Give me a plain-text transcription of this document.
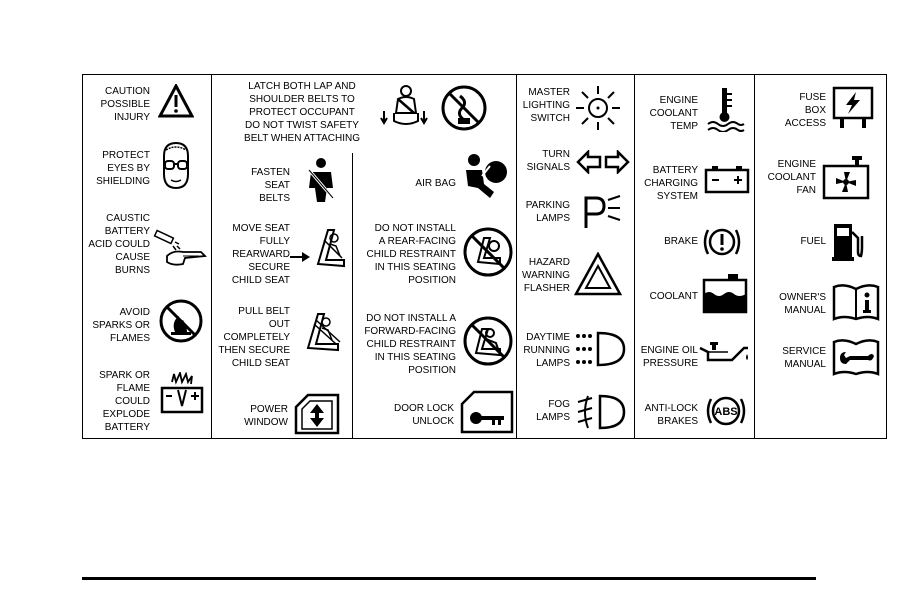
CAUTION
POSSIBLE
INJURY
PROTECT
EYES BY
SHIELDING
CAUSTIC
BATTERY
ACID COULD
CAUSE
BURNS
AVOID
SPARKS OR
FLAMES
SPARK OR
FLAME
COULD
EXPLODE
BATTERY
LATCH BOTH LAP AND
SHOULDER BELTS TO
PROTECT OCCUPANT
DO NOT TWIST SAFETY
BELT WHEN ATTACHING
FASTEN
SEAT
BELTS
MOVE SEAT
FULLY
REARWARD
SECURE
CHILD SEAT
PULL BELT
OUT
COMPLETELY
THEN SECURE
CHILD SEAT
POWER
WINDOW
AIR BAG
DO NOT INSTALL
A REAR-FACING
CHILD RESTRAINT
IN THIS SEATING
POSITION
DO NOT INSTALL A
FORWARD-FACING
CHILD RESTRAINT
IN THIS SEATING
POSITION
DOOR LOCK
UNLOCK
MASTER
LIGHTING
SWITCH
TURN
SIGNALS
PARKING
LAMPS
HAZARD
WARNING
FLASHER
DAYTIME
RUNNING
LAMPS
FOG
LAMPS
ENGINE
COOLANT
TEMP
BATTERY
CHARGING
SYSTEM
BRAKE
COOLANT
ENGINE OIL
PRESSURE
ANTI-LOCK
BRAKES
ABS
FUSE
BOX
ACCESS
ENGINE
COOLANT
FAN
FUEL
OWNER'S
MANUAL
SERVICE
MANUAL
